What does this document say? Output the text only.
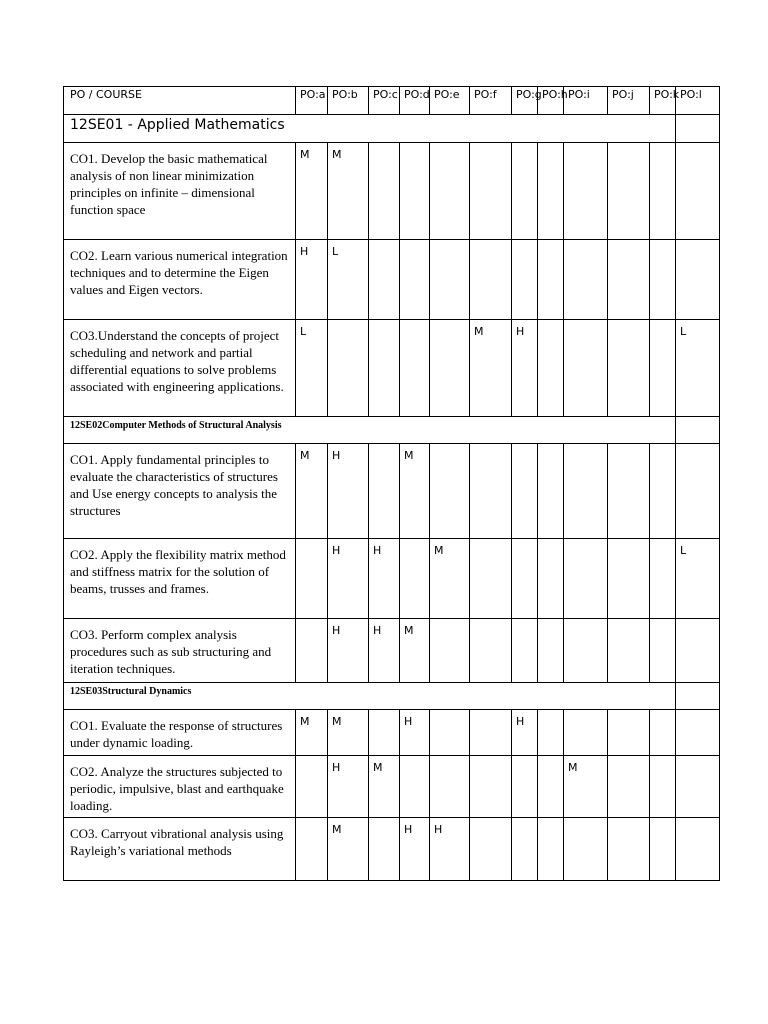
PO / COURSE	PO:a	PO:b	PO:c	PO:d	PO:e	PO:f	PO:g	PO:h	PO:i	PO:j	PO:k	PO:l
12SE01 - Applied Mathematics												
CO1. Develop the basic mathematical analysis of non linear minimization principles on infinite – dimensional function space	M	M										
CO2. Learn various numerical integration techniques and to determine the Eigen values and Eigen vectors.	H	L										
CO3.Understand the concepts of project scheduling and network and partial differential equations to solve problems associated with engineering applications.	L					M	H					L
12SE02Computer Methods of Structural Analysis												
CO1. Apply fundamental principles to evaluate the characteristics of structures and Use energy concepts to analysis the structures	M	H		M								
CO2. Apply the flexibility matrix method and stiffness matrix for the solution of beams, trusses and frames.		H	H		M							L
CO3. Perform complex analysis procedures such as sub structuring and iteration techniques.		H	H	M								
12SE03Structural Dynamics												
CO1. Evaluate the response of structures under dynamic loading.	M	M		H			H					
CO2. Analyze the structures subjected to periodic, impulsive, blast and earthquake loading.		H	M						M			
CO3. Carryout vibrational analysis using Rayleigh’s variational methods		M		H	H							
